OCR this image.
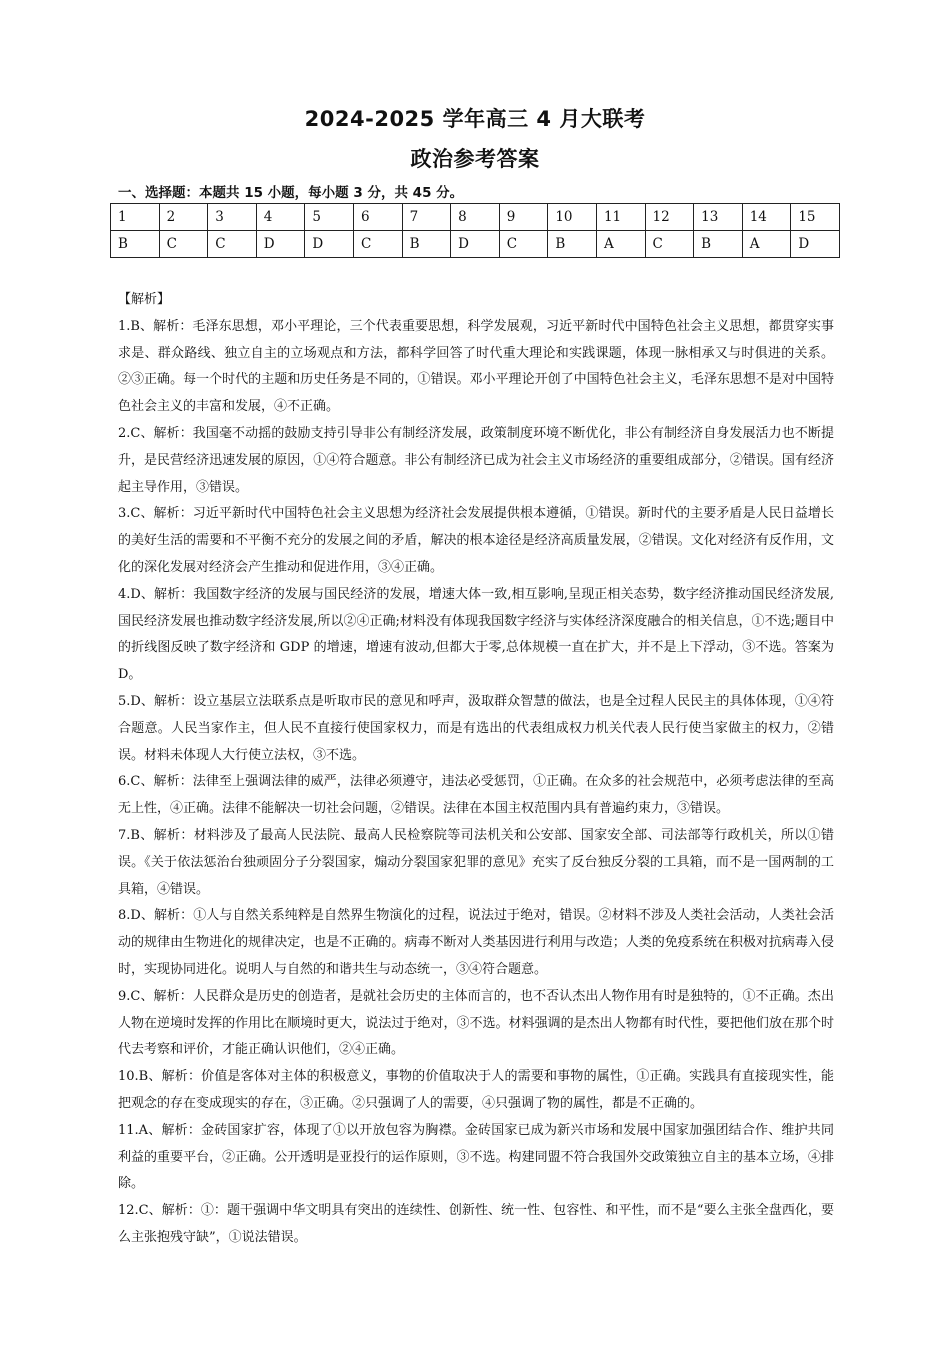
2024-2025 学年高三 4 月大联考
政治参考答案
一、选择题：本题共 15 小题，每小题 3 分，共 45 分。
1	2	3	4	5	6	7	8	9	10	11	12	13	14	15
B	C	C	D	D	C	B	D	C	B	A	C	B	A	D

【解析】

1.B、解析：毛泽东思想，邓小平理论，三个代表重要思想，科学发展观，习近平新时代中国特色社会主义思想，都贯穿实事求是、群众路线、独立自主的立场观点和方法，都科学回答了时代重大理论和实践课题，体现一脉相承又与时俱进的关系。②③正确。每一个时代的主题和历史任务是不同的，①错误。邓小平理论开创了中国特色社会主义，毛泽东思想不是对中国特色社会主义的丰富和发展，④不正确。

2.C、解析：我国毫不动摇的鼓励支持引导非公有制经济发展，政策制度环境不断优化，非公有制经济自身发展活力也不断提升，是民营经济迅速发展的原因，①④符合题意。非公有制经济已成为社会主义市场经济的重要组成部分，②错误。国有经济起主导作用，③错误。

3.C、解析：习近平新时代中国特色社会主义思想为经济社会发展提供根本遵循，①错误。新时代的主要矛盾是人民日益增长的美好生活的需要和不平衡不充分的发展之间的矛盾，解决的根本途径是经济高质量发展，②错误。文化对经济有反作用，文化的深化发展对经济会产生推动和促进作用，③④正确。

4.D、解析：我国数字经济的发展与国民经济的发展，增速大体一致,相互影响,呈现正相关态势，数字经济推动国民经济发展,国民经济发展也推动数字经济发展,所以②④正确;材料没有体现我国数字经济与实体经济深度融合的相关信息，①不选;题目中的折线图反映了数字经济和 GDP 的增速，增速有波动,但都大于零,总体规模一直在扩大，并不是上下浮动，③不选。答案为 D。

5.D、解析：设立基层立法联系点是听取市民的意见和呼声，汲取群众智慧的做法，也是全过程人民民主的具体体现，①④符合题意。人民当家作主，但人民不直接行使国家权力，而是有选出的代表组成权力机关代表人民行使当家做主的权力，②错误。材料未体现人大行使立法权，③不选。

6.C、解析：法律至上强调法律的威严，法律必须遵守，违法必受惩罚，①正确。在众多的社会规范中，必须考虑法律的至高无上性，④正确。法律不能解决一切社会问题，②错误。法律在本国主权范围内具有普遍约束力，③错误。

7.B、解析：材料涉及了最高人民法院、最高人民检察院等司法机关和公安部、国家安全部、司法部等行政机关，所以①错误。《关于依法惩治台独顽固分子分裂国家，煽动分裂国家犯罪的意见》充实了反台独反分裂的工具箱，而不是一国两制的工具箱，④错误。

8.D、解析：①人与自然关系纯粹是自然界生物演化的过程，说法过于绝对，错误。②材料不涉及人类社会活动，人类社会活动的规律由生物进化的规律决定，也是不正确的。病毒不断对人类基因进行利用与改造；人类的免疫系统在积极对抗病毒入侵时，实现协同进化。说明人与自然的和谐共生与动态统一，③④符合题意。

9.C、解析：人民群众是历史的创造者，是就社会历史的主体而言的，也不否认杰出人物作用有时是独特的，①不正确。杰出人物在逆境时发挥的作用比在顺境时更大，说法过于绝对，③不选。材料强调的是杰出人物都有时代性，要把他们放在那个时代去考察和评价，才能正确认识他们，②④正确。

10.B、解析：价值是客体对主体的积极意义，事物的价值取决于人的需要和事物的属性，①正确。实践具有直接现实性，能把观念的存在变成现实的存在，③正确。②只强调了人的需要，④只强调了物的属性，都是不正确的。

11.A、解析：金砖国家扩容，体现了①以开放包容为胸襟。金砖国家已成为新兴市场和发展中国家加强团结合作、维护共同利益的重要平台，②正确。公开透明是亚投行的运作原则，③不选。构建同盟不符合我国外交政策独立自主的基本立场，④排除。

12.C、解析：①：题干强调中华文明具有突出的连续性、创新性、统一性、包容性、和平性，而不是“要么主张全盘西化，要么主张抱残守缺”，①说法错误。
